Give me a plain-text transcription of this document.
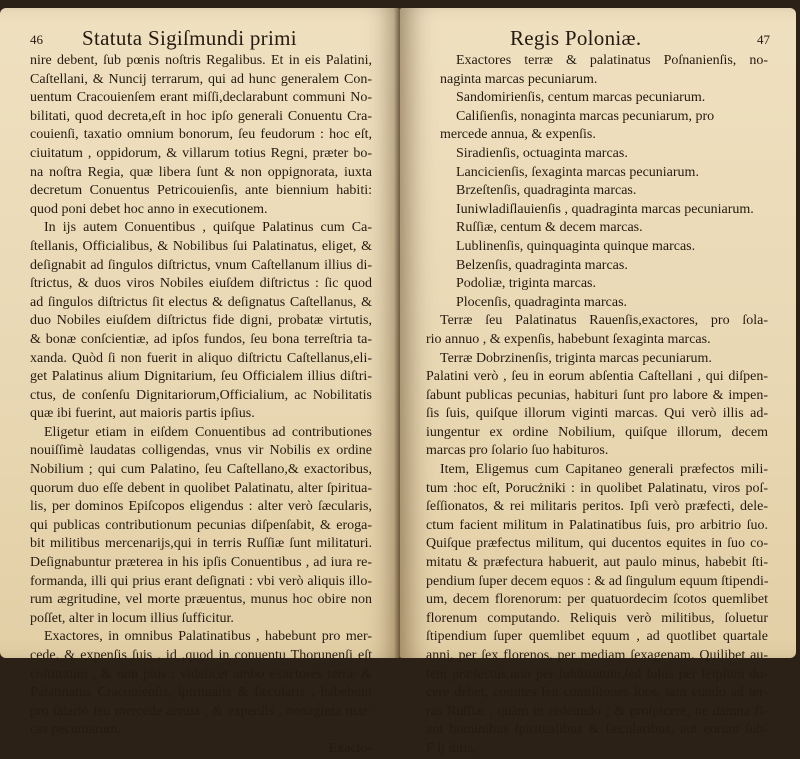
46 Statuta Sigiſmundi primi
nire debent, ſub pœnis noſtris Regalibus. Et in eis Palatini,
Caſtellani, & Nuncij terrarum, qui ad hunc generalem Con-
uentum Cracouienſem erant miſſi,declarabunt communi No-
bilitati, quod decreta,eſt in hoc ipſo generali Conuentu Cra-
couienſi, taxatio omnium bonorum, ſeu feudorum : hoc eſt,
ciuitatum , oppidorum, & villarum totius Regni, præter bo-
na noſtra Regia, quæ libera ſunt & non oppignorata, iuxta
decretum Conuentus Petricouienſis, ante biennium habiti:
quod poni debet hoc anno in executionem.
In ijs autem Conuentibus , quiſque Palatinus cum Ca-
ſtellanis, Officialibus, & Nobilibus ſui Palatinatus, eliget, &
deſignabit ad ſingulos diſtrictus, vnum Caſtellanum illius di-
ſtrictus, & duos viros Nobiles eiuſdem diſtrictus : ſic quod
ad ſingulos diſtrictus ſit electus & deſignatus Caſtellanus, &
duo Nobiles eiuſdem diſtrictus fide digni, probatæ virtutis,
& bonæ conſcientiæ, ad ipſos fundos, ſeu bona terreſtria ta-
xanda. Quòd ſi non fuerit in aliquo diſtrictu Caſtellanus,eli-
get Palatinus alium Dignitarium, ſeu Officialem illius diſtri-
ctus, de conſenſu Dignitariorum,Officialium, ac Nobilitatis
quæ ibi fuerint, aut maioris partis ipſius.
Eligetur etiam in eiſdem Conuentibus ad contributiones
nouiſſimè laudatas colligendas, vnus vir Nobilis ex ordine
Nobilium ; qui cum Palatino, ſeu Caſtellano,& exactoribus,
quorum duo eſſe debent in quolibet Palatinatu, alter ſpiritua-
lis, per dominos Epiſcopos eligendus : alter verò ſæcularis,
qui publicas contributionum pecunias diſpenſabit, & eroga-
bit militibus mercenarijs,qui in terris Ruſſiæ ſunt militaturi.
Deſignabuntur præterea in his ipſis Conuentibus , ad iura re-
formanda, illi qui prius erant deſignati : vbi verò aliquis illo-
rum ægritudine, vel morte præuentus, munus hoc obire non
poſſet, alter in locum illius ſufficitur.
Exactores, in omnibus Palatinatibus , habebunt pro mer-
cede, & expenſis ſuis , id ,quod in conuentu Thorunenſi eſt
coſtitutum , & non plus : videlicet ambo exactores terræ &
Palatinatus Cracouienſis, ſpiritualis & ſæcularis , habebunt
pro ſalario ſeu mercede annua , & expenſis , nonaginta mar-
cas pecuniarum.
Exacto-
Regis Poloniæ.	47
Exactores terræ & palatinatus Poſnanienſis, no-
naginta marcas pecuniarum.
Sandomirienſis, centum marcas pecuniarum.
Caliſienſis, nonaginta marcas pecuniarum, pro
mercede annua, & expenſis.
Siradienſis, octuaginta marcas.
Lancicienſis, ſexaginta marcas pecuniarum.
Brzeſtenſis, quadraginta marcas.
Iuniwladiſlauienſis , quadraginta marcas pecuniarum.
Ruſſiæ, centum & decem marcas.
Lublinenſis, quinquaginta quinque marcas.
Belzenſis, quadraginta marcas.
Podoliæ, triginta marcas.
Plocenſis, quadraginta marcas.
Terræ ſeu Palatinatus Rauenſis,exactores, pro ſola-
rio annuo , & expenſis, habebunt ſexaginta marcas.
Terræ Dobrzinenſis, triginta marcas pecuniarum.
Palatini verò , ſeu in eorum abſentia Caſtellani , qui diſpen-
ſabunt publicas pecunias, habituri ſunt pro labore & impen-
ſis ſuis, quiſque illorum viginti marcas. Qui verò illis ad-
iungentur ex ordine Nobilium, quiſque illorum, decem
marcas pro ſolario ſuo habituros.
Item, Eligemus cum Capitaneo generali præfectos mili-
tum :hoc eſt, Porucżniki : in quolibet Palatinatu, viros poſ-
ſeſſionatos, & rei militaris peritos. Ipſi verò præfecti, dele-
ctum facient militum in Palatinatibus ſuis, pro arbitrio ſuo.
Quiſque præfectus militum, qui ducentos equites in ſuo co-
mitatu & præfectura habuerit, aut paulo minus, habebit ſti-
pendium ſuper decem equos : & ad ſingulum equum ſtipendi-
um, decem florenorum: per quatuordecim ſcotos quemlibet
florenum computando. Reliquis verò militibus, ſoluetur
ſtipendium ſuper quemlibet equum , ad quotlibet quartale
anni, per ſex florenos, per mediam ſexagenam. Quilibet au-
tem præfectus,non per ſubſtitutum,ſed ſolus per ſeipſum du-
cere debet, comites ſeu comilitones ſuos, tam eundo ad ter-
ras Ruſſiæ , quàm in redeundo ; & proſpicere, ne damna fi-
ant hominibus ſpiritualibus & ſæcularibus, aut eorum ſub-
F ij ditis,
